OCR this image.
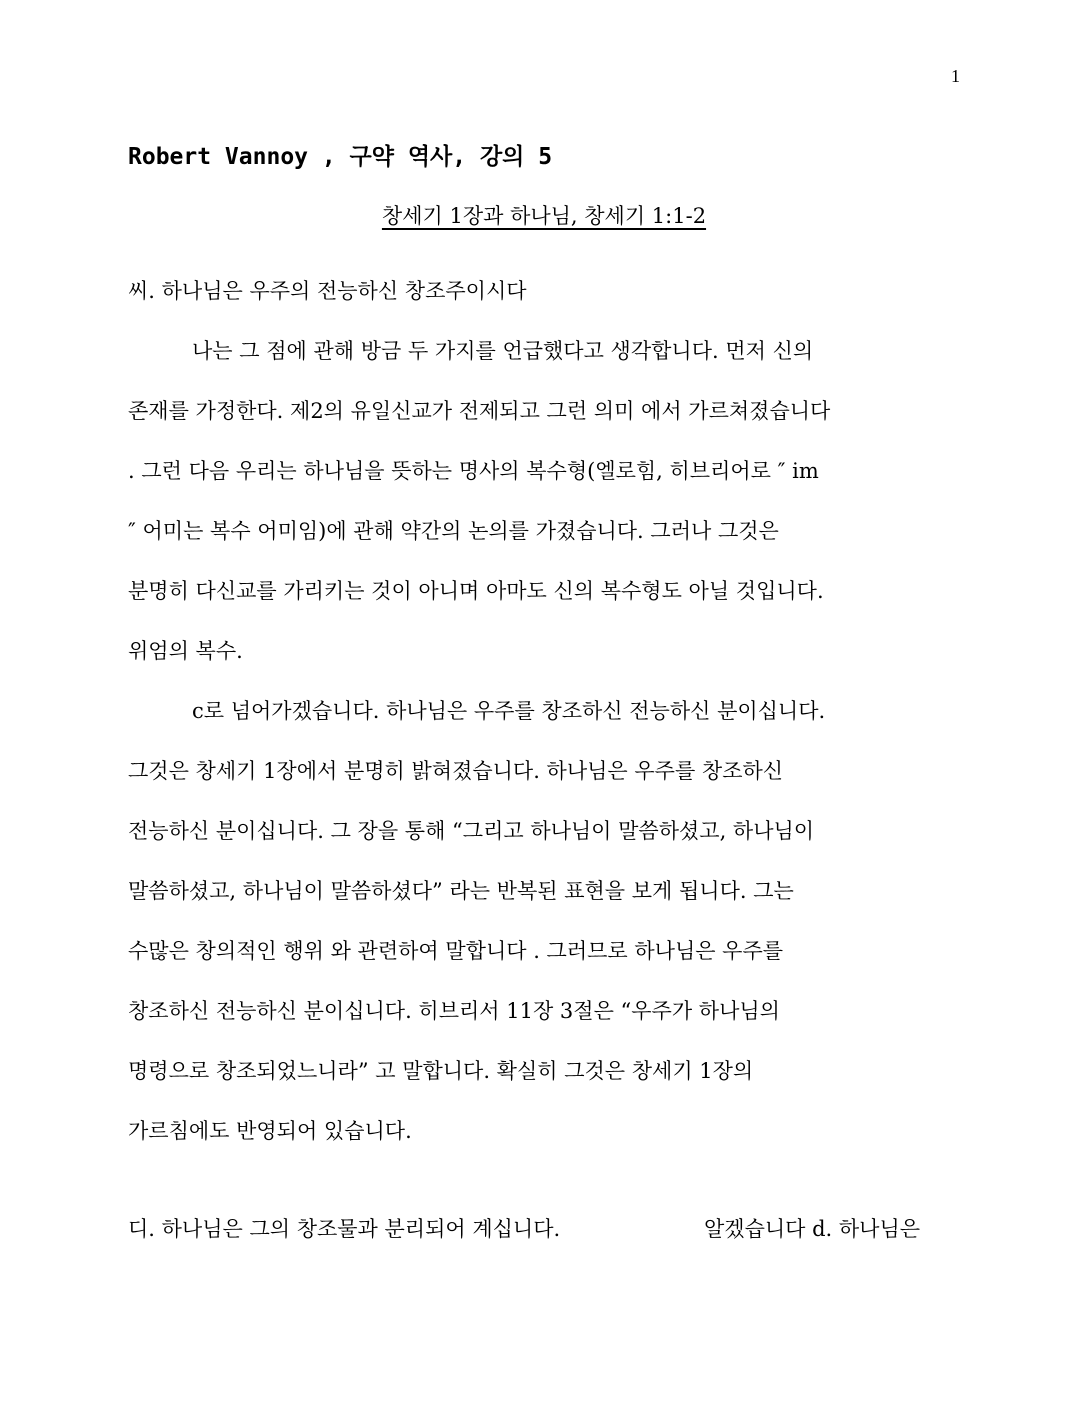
1
Robert Vannoy , 구약 역사, 강의 5
창세기 1장과 하나님, 창세기 1:1-2
씨. 하나님은 우주의 전능하신 창조주이시다
나는 그 점에 관해 방금 두 가지를 언급했다고 생각합니다. 먼저 신의
존재를 가정한다. 제2의 유일신교가 전제되고 그런 의미 에서 가르쳐졌습니다
. 그런 다음 우리는 하나님을 뜻하는 명사의 복수형(엘로힘, 히브리어로 ″ im
″ 어미는 복수 어미임)에 관해 약간의 논의를 가졌습니다. 그러나 그것은
분명히 다신교를 가리키는 것이 아니며 아마도 신의 복수형도 아닐 것입니다.
위엄의 복수.
c로 넘어가겠습니다. 하나님은 우주를 창조하신 전능하신 분이십니다.
그것은 창세기 1장에서 분명히 밝혀졌습니다. 하나님은 우주를 창조하신
전능하신 분이십니다. 그 장을 통해 “그리고 하나님이 말씀하셨고, 하나님이
말씀하셨고, 하나님이 말씀하셨다” 라는 반복된 표현을 보게 됩니다. 그는
수많은 창의적인 행위 와 관련하여 말합니다 . 그러므로 하나님은 우주를
창조하신 전능하신 분이십니다. 히브리서 11장 3절은 “우주가 하나님의
명령으로 창조되었느니라” 고 말합니다. 확실히 그것은 창세기 1장의
가르침에도 반영되어 있습니다.
디. 하나님은 그의 창조물과 분리되어 계십니다.	알겠습니다 d. 하나님은
